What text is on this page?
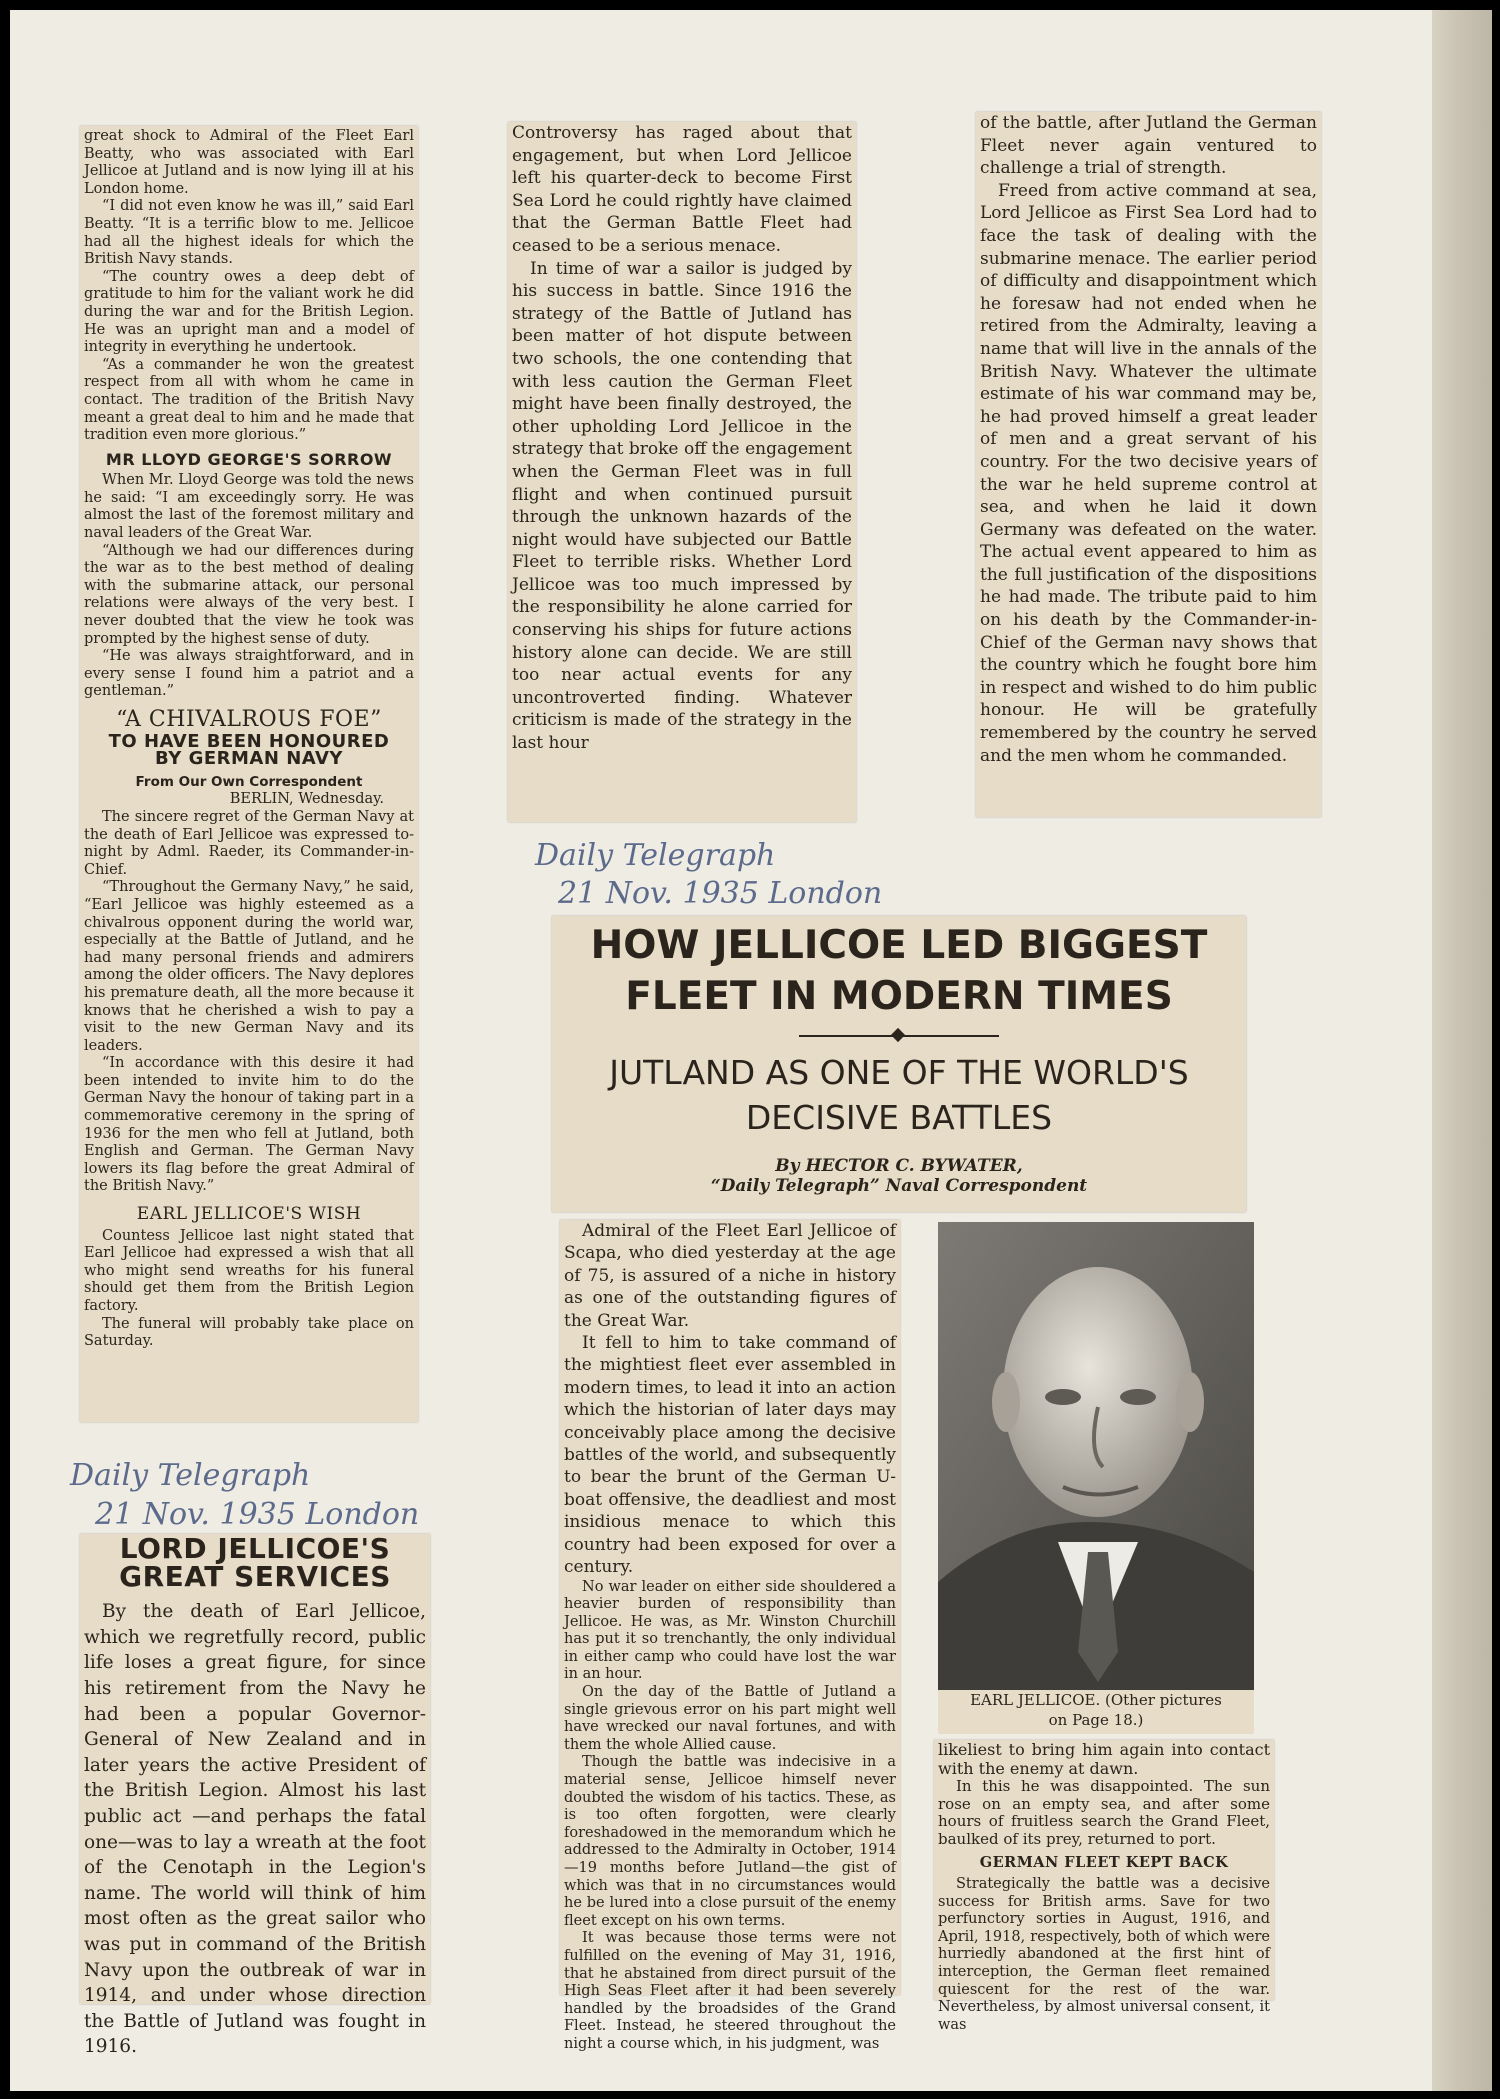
great shock to Admiral of the Fleet Earl Beatty, who was associated with Earl Jellicoe at Jutland and is now lying ill at his London home.

“I did not even know he was ill,” said Earl Beatty. “It is a terrific blow to me. Jellicoe had all the highest ideals for which the British Navy stands.

“The country owes a deep debt of gratitude to him for the valiant work he did during the war and for the British Legion. He was an upright man and a model of integrity in everything he undertook.

“As a commander he won the greatest respect from all with whom he came in contact. The tradition of the British Navy meant a great deal to him and he made that tradition even more glorious.”

MR LLOYD GEORGE'S SORROW

When Mr. Lloyd George was told the news he said: “I am exceedingly sorry. He was almost the last of the foremost military and naval leaders of the Great War.

“Although we had our differences during the war as to the best method of dealing with the submarine attack, our personal relations were always of the very best. I never doubted that the view he took was prompted by the highest sense of duty.

“He was always straightforward, and in every sense I found him a patriot and a gentleman.”

“A CHIVALROUS FOE”
TO HAVE BEEN HONOURED
BY GERMAN NAVY
From Our Own Correspondent
BERLIN, Wednesday.

The sincere regret of the German Navy at the death of Earl Jellicoe was expressed to-night by Adml. Raeder, its Commander-in-Chief.

“Throughout the Germany Navy,” he said, “Earl Jellicoe was highly esteemed as a chivalrous opponent during the world war, especially at the Battle of Jutland, and he had many personal friends and admirers among the older officers. The Navy deplores his premature death, all the more because it knows that he cherished a wish to pay a visit to the new German Navy and its leaders.

“In accordance with this desire it had been intended to invite him to do the German Navy the honour of taking part in a commemorative ceremony in the spring of 1936 for the men who fell at Jutland, both English and German. The German Navy lowers its flag before the great Admiral of the British Navy.”

EARL JELLICOE'S WISH

Countess Jellicoe last night stated that Earl Jellicoe had expressed a wish that all who might send wreaths for his funeral should get them from the British Legion factory.

The funeral will probably take place on Saturday.

Controversy has raged about that engagement, but when Lord Jellicoe left his quarter-deck to become First Sea Lord he could rightly have claimed that the German Battle Fleet had ceased to be a serious menace.

In time of war a sailor is judged by his success in battle. Since 1916 the strategy of the Battle of Jutland has been matter of hot dispute between two schools, the one contending that with less caution the German Fleet might have been finally destroyed, the other upholding Lord Jellicoe in the strategy that broke off the engagement when the German Fleet was in full flight and when continued pursuit through the unknown hazards of the night would have subjected our Battle Fleet to terrible risks. Whether Lord Jellicoe was too much impressed by the responsibility he alone carried for conserving his ships for future actions history alone can decide. We are still too near actual events for any uncontroverted finding. Whatever criticism is made of the strategy in the last hour

of the battle, after Jutland the German Fleet never again ventured to challenge a trial of strength.

Freed from active command at sea, Lord Jellicoe as First Sea Lord had to face the task of dealing with the submarine menace. The earlier period of difficulty and disappointment which he foresaw had not ended when he retired from the Admiralty, leaving a name that will live in the annals of the British Navy. Whatever the ultimate estimate of his war command may be, he had proved himself a great leader of men and a great servant of his country. For the two decisive years of the war he held supreme control at sea, and when he laid it down Germany was defeated on the water. The actual event appeared to him as the full justification of the dispositions he had made. The tribute paid to him on his death by the Commander-in-Chief of the German navy shows that the country which he fought bore him in respect and wished to do him public honour. He will be gratefully remembered by the country he served and the men whom he commanded.

Daily Telegraph
21 Nov. 1935 London
Daily Telegraph
21 Nov. 1935 London
LORD JELLICOE'S
GREAT SERVICES

By the death of Earl Jellicoe, which we regretfully record, public life loses a great figure, for since his retirement from the Navy he had been a popular Governor-General of New Zealand and in later years the active President of the British Legion. Almost his last public act —and perhaps the fatal one—was to lay a wreath at the foot of the Cenotaph in the Legion's name. The world will think of him most often as the great sailor who was put in command of the British Navy upon the outbreak of war in 1914, and under whose direction the Battle of Jutland was fought in 1916.

HOW JELLICOE LED BIGGEST
FLEET IN MODERN TIMES
JUTLAND AS ONE OF THE WORLD'S
DECISIVE BATTLES
By HECTOR C. BYWATER,
“Daily Telegraph” Naval Correspondent

Admiral of the Fleet Earl Jellicoe of Scapa, who died yesterday at the age of 75, is assured of a niche in history as one of the outstanding figures of the Great War.

It fell to him to take command of the mightiest fleet ever assembled in modern times, to lead it into an action which the historian of later days may conceivably place among the decisive battles of the world, and subsequently to bear the brunt of the German U-boat offensive, the deadliest and most insidious menace to which this country had been exposed for over a century.

No war leader on either side shouldered a heavier burden of responsibility than Jellicoe. He was, as Mr. Winston Churchill has put it so trenchantly, the only individual in either camp who could have lost the war in an hour.

On the day of the Battle of Jutland a single grievous error on his part might well have wrecked our naval fortunes, and with them the whole Allied cause.

Though the battle was indecisive in a material sense, Jellicoe himself never doubted the wisdom of his tactics. These, as is too often forgotten, were clearly foreshadowed in the memorandum which he addressed to the Admiralty in October, 1914—19 months before Jutland—the gist of which was that in no circumstances would he be lured into a close pursuit of the enemy fleet except on his own terms.

It was because those terms were not fulfilled on the evening of May 31, 1916, that he abstained from direct pursuit of the High Seas Fleet after it had been severely handled by the broadsides of the Grand Fleet. Instead, he steered throughout the night a course which, in his judgment, was

EARL JELLICOE. (Other pictures
on Page 18.)

likeliest to bring him again into contact with the enemy at dawn.

In this he was disappointed. The sun rose on an empty sea, and after some hours of fruitless search the Grand Fleet, baulked of its prey, returned to port.

GERMAN FLEET KEPT BACK

Strategically the battle was a decisive success for British arms. Save for two perfunctory sorties in August, 1916, and April, 1918, respectively, both of which were hurriedly abandoned at the first hint of interception, the German fleet remained quiescent for the rest of the war. Nevertheless, by almost universal consent, it was
